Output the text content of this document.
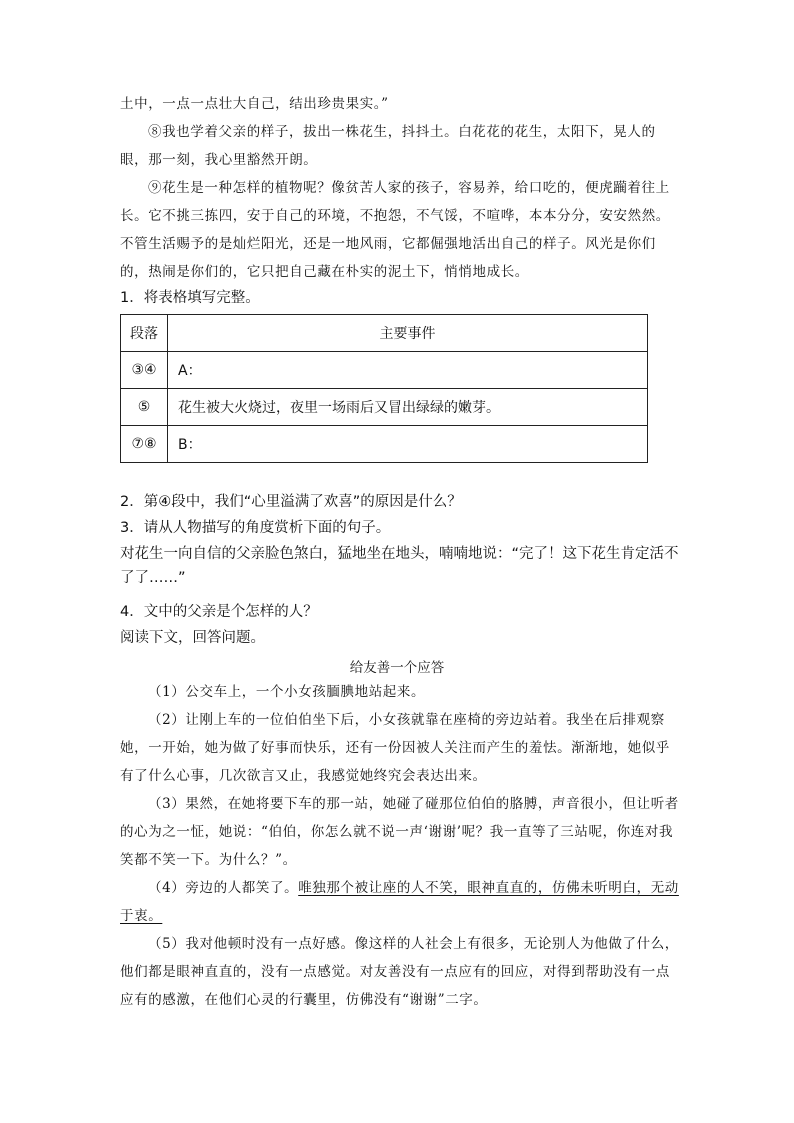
土中，一点一点壮大自己，结出珍贵果实。”
⑧我也学着父亲的样子，拔出一株花生，抖抖土。白花花的花生，太阳下，晃人的眼，那一刻，我心里豁然开朗。
⑨花生是一种怎样的植物呢？像贫苦人家的孩子，容易养，给口吃的，便虎躏着往上长。它不挑三拣四，安于自己的环境，不抱怨，不气馁，不喧哗，本本分分，安安然然。不管生活赐予的是灿烂阳光，还是一地风雨，它都倔强地活出自己的样子。风光是你们的，热闹是你们的，它只把自己藏在朴实的泥土下，悄悄地成长。
1．将表格填写完整。
段落	主要事件
③④	A：
⑤	花生被大火烧过，夜里一场雨后又冒出绿绿的嫩芽。
⑦⑧	B：
2．第④段中，我们“心里溢满了欢喜”的原因是什么？
3．请从人物描写的角度赏析下面的句子。
对花生一向自信的父亲脸色煞白，猛地坐在地头，喃喃地说：“完了！这下花生肯定活不了了……”
4．文中的父亲是个怎样的人？
阅读下文，回答问题。
给友善一个应答
（1）公交车上，一个小女孩腼腆地站起来。
（2）让刚上车的一位伯伯坐下后，小女孩就靠在座椅的旁边站着。我坐在后排观察她，一开始，她为做了好事而快乐，还有一份因被人关注而产生的羞怯。渐渐地，她似乎有了什么心事，几次欲言又止，我感觉她终究会表达出来。
（3）果然，在她将要下车的那一站，她碰了碰那位伯伯的胳膊，声音很小，但让听者的心为之一怔，她说：“伯伯，你怎么就不说一声‘谢谢’呢？我一直等了三站呢，你连对我笑都不笑一下。为什么？”。
（4）旁边的人都笑了。唯独那个被让座的人不笑，眼神直直的，仿佛未听明白，无动于衷。
（5）我对他顿时没有一点好感。像这样的人社会上有很多，无论别人为他做了什么，他们都是眼神直直的，没有一点感觉。对友善没有一点应有的回应，对得到帮助没有一点应有的感激，在他们心灵的行囊里，仿佛没有“谢谢”二字。
